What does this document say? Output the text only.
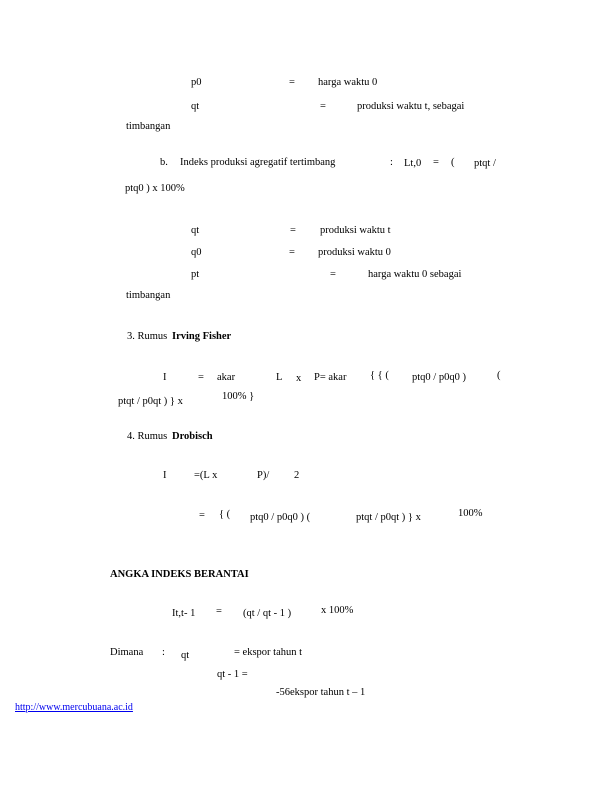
p0	= harga waktu 0
qt	=	produksi waktu t, sebagai
timbangan
b. Indeks produksi agregatif tertimbang	: Lt,0 = ( ptqt /
ptq0 ) x 100%
qt	= produksi waktu t
q0	= produksi waktu 0
pt	=	harga waktu 0 sebagai
timbangan
3. Rumus Irving Fisher
I	= akar	L x P= akar { { ( ptq0 / p0q0 )	(
ptqt / p0qt ) } x	100% }
4. Rumus Drobisch
I	=(L x	P)/ 2
= { ( ptq0 / p0q0 ) (	ptqt / p0qt ) } x	100%
ANGKA INDEKS BERANTAI
It,t- 1 = (qt / qt - 1 )	x 100%
Dimana : qt	= ekspor tahun t
qt - 1 =
-56ekspor tahun t – 1
http://www.mercubuana.ac.id
